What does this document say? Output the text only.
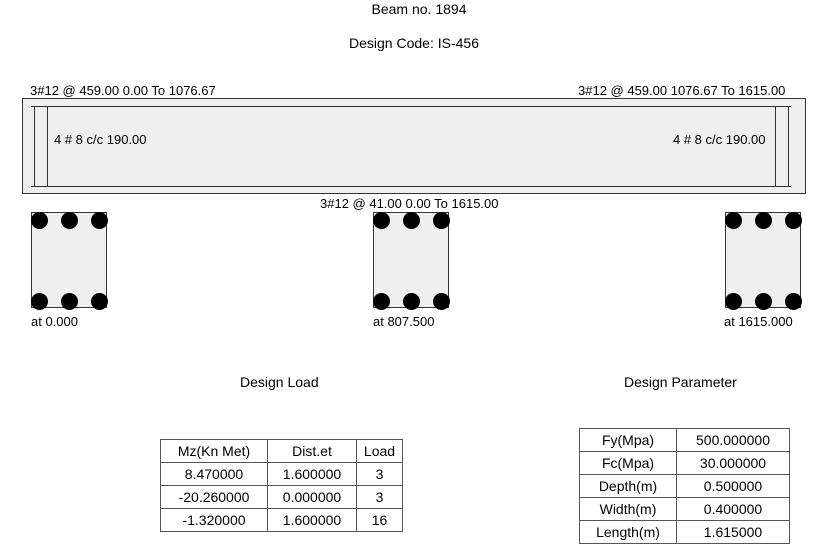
Beam no. 1894
Design Code: IS-456
3#12 @ 459.00 0.00 To 1076.67	3#12 @ 459.00 1076.67 To 1615.00
4 # 8 c/c 190.00	4 # 8 c/c 190.00
3#12 @ 41.00 0.00 To 1615.00
at 0.000	at 807.500	at 1615.000
Design Load
Mz(Kn Met)	Dist.et	Load
8.470000	1.600000	3
-20.260000	0.000000	3
-1.320000	1.600000	16
Design Parameter
Fy(Mpa)	500.000000
Fc(Mpa)	30.000000
Depth(m)	0.500000
Width(m)	0.400000
Length(m)	1.615000
